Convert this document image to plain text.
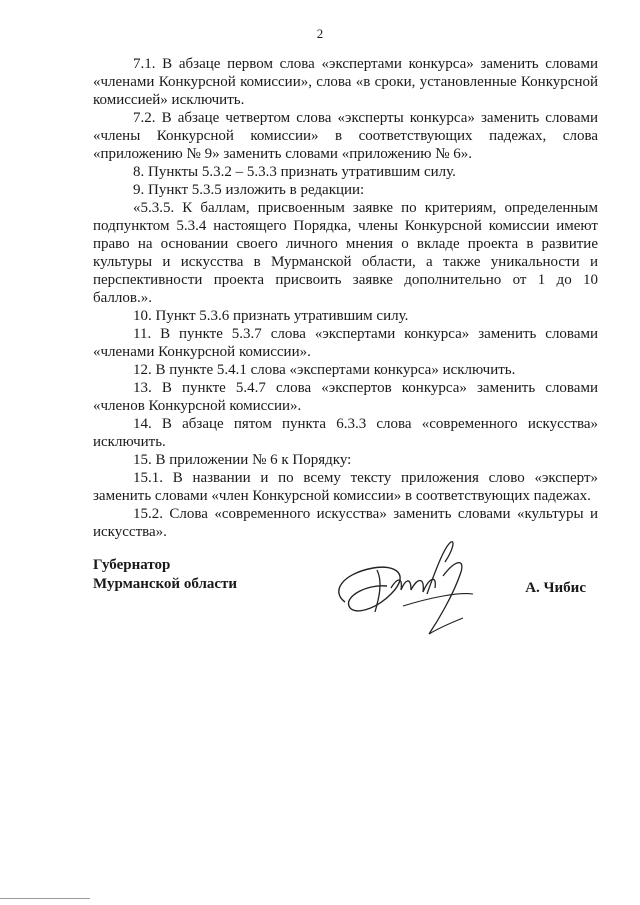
2

7.1. В абзаце первом слова «экспертами конкурса» заменить словами «членами Конкурсной комиссии», слова «в сроки, установленные Конкурсной комиссией» исключить.

7.2. В абзаце четвертом слова «эксперты конкурса» заменить словами «члены Конкурсной комиссии» в соответствующих падежах, слова «приложению № 9» заменить словами «приложению № 6».

8. Пункты 5.3.2 – 5.3.3 признать утратившим силу.

9. Пункт 5.3.5 изложить в редакции:

«5.3.5. К баллам, присвоенным заявке по критериям, определенным подпунктом 5.3.4 настоящего Порядка, члены Конкурсной комиссии имеют право на основании своего личного мнения о вкладе проекта в развитие культуры и искусства в Мурманской области, а также уникальности и перспективности проекта присвоить заявке дополнительно от 1 до 10 баллов.».

10. Пункт 5.3.6 признать утратившим силу.

11. В пункте 5.3.7 слова «экспертами конкурса» заменить словами «членами Конкурсной комиссии».

12. В пункте 5.4.1 слова «экспертами конкурса» исключить.

13. В пункте 5.4.7 слова «экспертов конкурса» заменить словами «членов Конкурсной комиссии».

14. В абзаце пятом пункта 6.3.3 слова «современного искусства» исключить.

15. В приложении № 6 к Порядку:

15.1. В названии и по всему тексту приложения слово «эксперт» заменить словами «член Конкурсной комиссии» в соответствующих падежах.

15.2. Слова «современного искусства» заменить словами «культуры и искусства».

Губернатор
Мурманской области	А. Чибис
